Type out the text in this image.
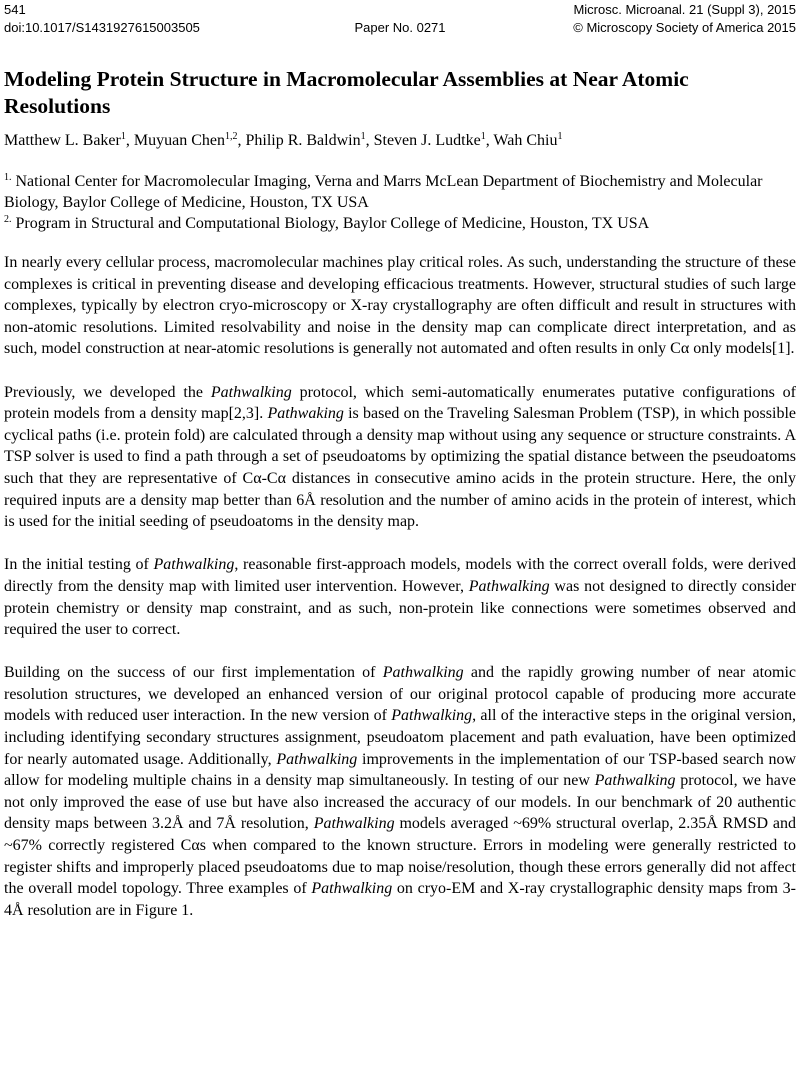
541	Microsc. Microanal. 21 (Suppl 3), 2015
doi:10.1017/S1431927615003505	Paper No. 0271	© Microscopy Society of America 2015
Modeling Protein Structure in Macromolecular Assemblies at Near Atomic Resolutions
Matthew L. Baker$^1$, Muyuan Chen$^{1,2}$, Philip R. Baldwin$^1$, Steven J. Ludtke$^1$, Wah Chiu$^1$

$^{1.}$ National Center for Macromolecular Imaging, Verna and Marrs McLean Department of Biochemistry and Molecular Biology, Baylor College of Medicine, Houston, TX USA

$^{2.}$ Program in Structural and Computational Biology, Baylor College of Medicine, Houston, TX USA

In nearly every cellular process, macromolecular machines play critical roles. As such, understanding the structure of these complexes is critical in preventing disease and developing efficacious treatments. However, structural studies of such large complexes, typically by electron cryo-microscopy or X-ray crystallography are often difficult and result in structures with non-atomic resolutions. Limited resolvability and noise in the density map can complicate direct interpretation, and as such, model construction at near-atomic resolutions is generally not automated and often results in only Cα only models[1].

Previously, we developed the Pathwalking protocol, which semi-automatically enumerates putative configurations of protein models from a density map[2,3]. Pathwaking is based on the Traveling Salesman Problem (TSP), in which possible cyclical paths (i.e. protein fold) are calculated through a density map without using any sequence or structure constraints. A TSP solver is used to find a path through a set of pseudoatoms by optimizing the spatial distance between the pseudoatoms such that they are representative of Cα-Cα distances in consecutive amino acids in the protein structure. Here, the only required inputs are a density map better than 6Å resolution and the number of amino acids in the protein of interest, which is used for the initial seeding of pseudoatoms in the density map.

In the initial testing of Pathwalking, reasonable first-approach models, models with the correct overall folds, were derived directly from the density map with limited user intervention. However, Pathwalking was not designed to directly consider protein chemistry or density map constraint, and as such, non-protein like connections were sometimes observed and required the user to correct.

Building on the success of our first implementation of Pathwalking and the rapidly growing number of near atomic resolution structures, we developed an enhanced version of our original protocol capable of producing more accurate models with reduced user interaction. In the new version of Pathwalking, all of the interactive steps in the original version, including identifying secondary structures assignment, pseudoatom placement and path evaluation, have been optimized for nearly automated usage. Additionally, Pathwalking improvements in the implementation of our TSP-based search now allow for modeling multiple chains in a density map simultaneously. In testing of our new Pathwalking protocol, we have not only improved the ease of use but have also increased the accuracy of our models. In our benchmark of 20 authentic density maps between 3.2Å and 7Å resolution, Pathwalking models averaged ~69% structural overlap, 2.35Å RMSD and ~67% correctly registered Cαs when compared to the known structure. Errors in modeling were generally restricted to register shifts and improperly placed pseudoatoms due to map noise/resolution, though these errors generally did not affect the overall model topology. Three examples of Pathwalking on cryo-EM and X-ray crystallographic density maps from 3-4Å resolution are in Figure 1.
